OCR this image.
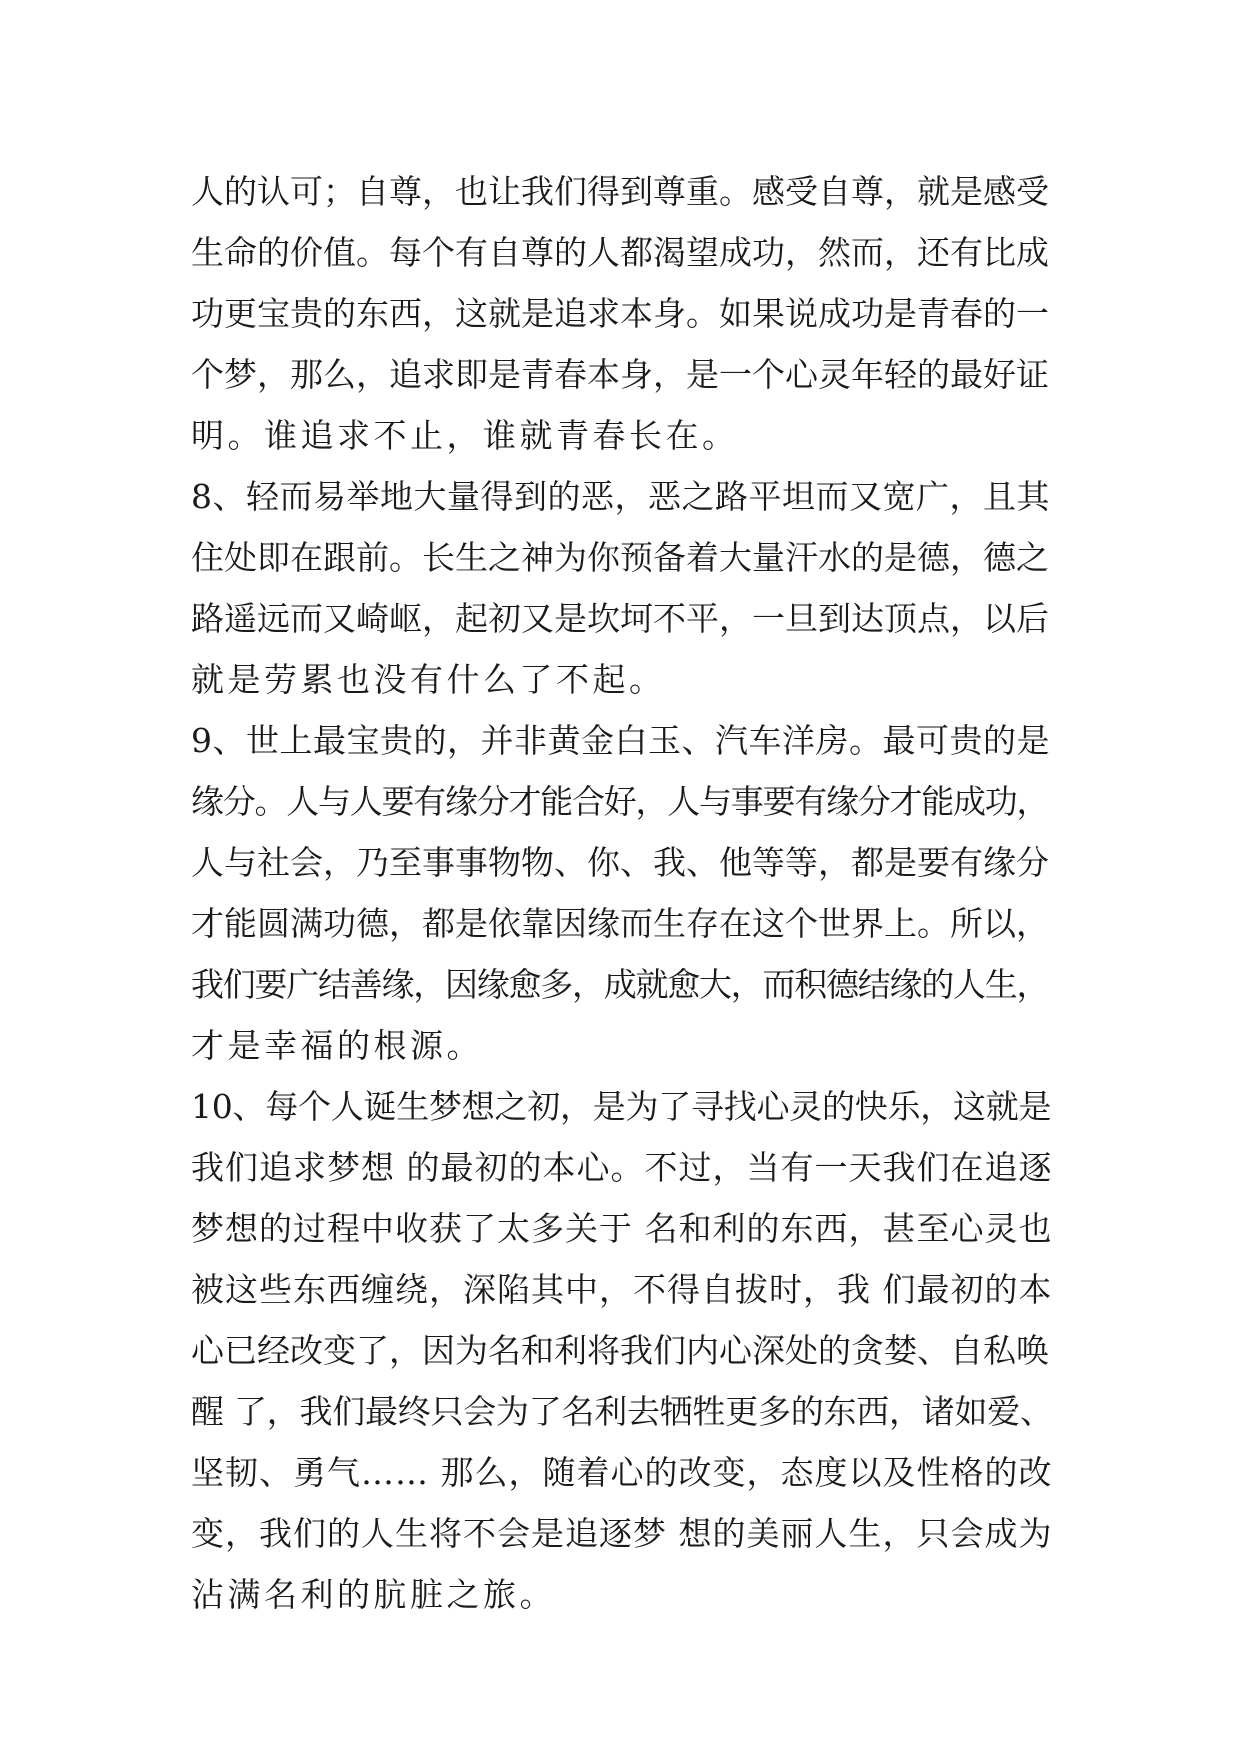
人的认可；自尊，也让我们得到尊重。感受自尊，就是感受
生命的价值。每个有自尊的人都渴望成功，然而，还有比成
功更宝贵的东西，这就是追求本身。如果说成功是青春的一
个梦，那么，追求即是青春本身，是一个心灵年轻的最好证
明。谁追求不止，谁就青春长在。
8、轻而易举地大量得到的恶，恶之路平坦而又宽广，且其
住处即在跟前。长生之神为你预备着大量汗水的是德，德之
路遥远而又崎岖，起初又是坎坷不平，一旦到达顶点，以后
就是劳累也没有什么了不起。
9、世上最宝贵的，并非黄金白玉、汽车洋房。最可贵的是
缘分。人与人要有缘分才能合好，人与事要有缘分才能成功，
人与社会，乃至事事物物、你、我、他等等，都是要有缘分
才能圆满功德，都是依靠因缘而生存在这个世界上。所以，
我们要广结善缘，因缘愈多，成就愈大，而积德结缘的人生，
才是幸福的根源。
10、每个人诞生梦想之初，是为了寻找心灵的快乐，这就是
我们追求梦想 的最初的本心。不过，当有一天我们在追逐
梦想的过程中收获了太多关于 名和利的东西，甚至心灵也
被这些东西缠绕，深陷其中，不得自拔时，我 们最初的本
心已经改变了，因为名和利将我们内心深处的贪婪、自私唤
醒 了，我们最终只会为了名利去牺牲更多的东西，诸如爱、
坚韧、勇气…… 那么，随着心的改变，态度以及性格的改
变，我们的人生将不会是追逐梦 想的美丽人生，只会成为
沾满名利的肮脏之旅。
